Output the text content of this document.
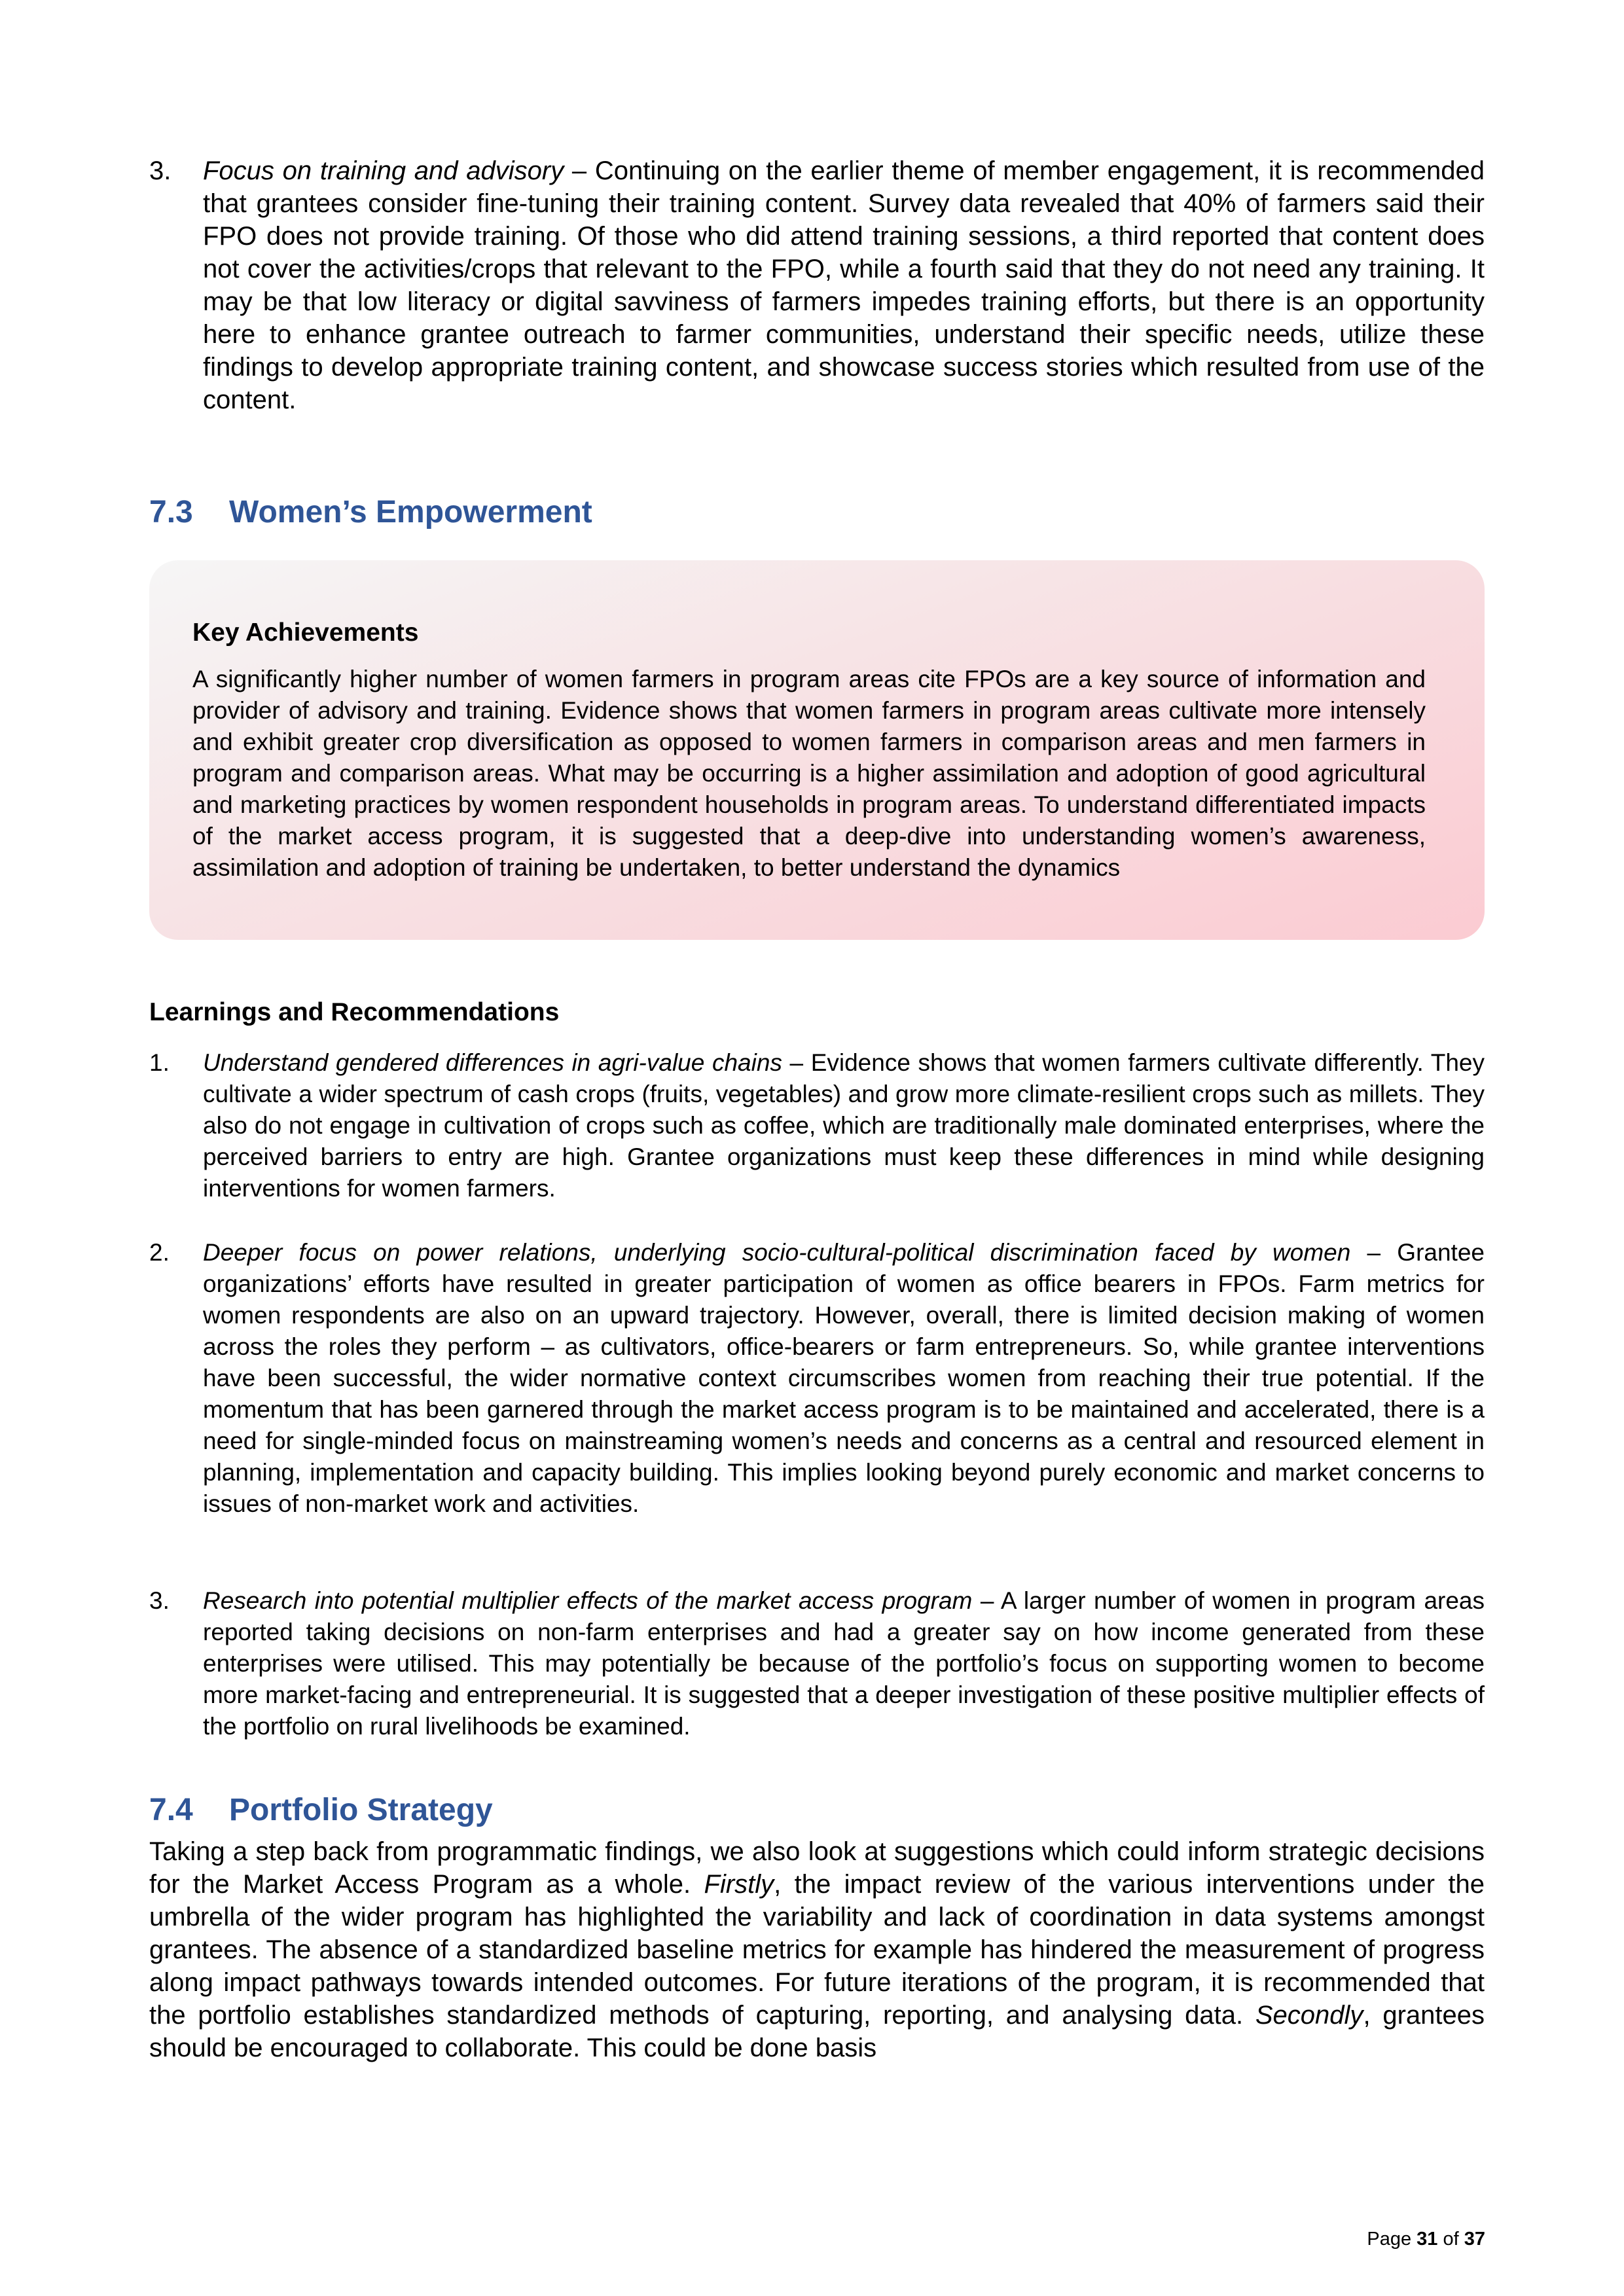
3. Focus on training and advisory – Continuing on the earlier theme of member engagement, it is recommended that grantees consider fine-tuning their training content. Survey data revealed that 40% of farmers said their FPO does not provide training. Of those who did attend training sessions, a third reported that content does not cover the activities/crops that relevant to the FPO, while a fourth said that they do not need any training. It may be that low literacy or digital savviness of farmers impedes training efforts, but there is an opportunity here to enhance grantee outreach to farmer communities, understand their specific needs, utilize these findings to develop appropriate training content, and showcase success stories which resulted from use of the content.
7.3 Women’s Empowerment
Key Achievements

A significantly higher number of women farmers in program areas cite FPOs are a key source of information and provider of advisory and training. Evidence shows that women farmers in program areas cultivate more intensely and exhibit greater crop diversification as opposed to women farmers in comparison areas and men farmers in program and comparison areas. What may be occurring is a higher assimilation and adoption of good agricultural and marketing practices by women respondent households in program areas. To understand differentiated impacts of the market access program, it is suggested that a deep-dive into understanding women’s awareness, assimilation and adoption of training be undertaken, to better understand the dynamics

Learnings and Recommendations
1. Understand gendered differences in agri-value chains – Evidence shows that women farmers cultivate differently. They cultivate a wider spectrum of cash crops (fruits, vegetables) and grow more climate-resilient crops such as millets. They also do not engage in cultivation of crops such as coffee, which are traditionally male dominated enterprises, where the perceived barriers to entry are high. Grantee organizations must keep these differences in mind while designing interventions for women farmers.
2. Deeper focus on power relations, underlying socio-cultural-political discrimination faced by women – Grantee organizations’ efforts have resulted in greater participation of women as office bearers in FPOs. Farm metrics for women respondents are also on an upward trajectory. However, overall, there is limited decision making of women across the roles they perform – as cultivators, office-bearers or farm entrepreneurs. So, while grantee interventions have been successful, the wider normative context circumscribes women from reaching their true potential. If the momentum that has been garnered through the market access program is to be maintained and accelerated, there is a need for single-minded focus on mainstreaming women’s needs and concerns as a central and resourced element in planning, implementation and capacity building. This implies looking beyond purely economic and market concerns to issues of non-market work and activities.
3. Research into potential multiplier effects of the market access program – A larger number of women in program areas reported taking decisions on non-farm enterprises and had a greater say on how income generated from these enterprises were utilised. This may potentially be because of the portfolio’s focus on supporting women to become more market-facing and entrepreneurial. It is suggested that a deeper investigation of these positive multiplier effects of the portfolio on rural livelihoods be examined.
7.4 Portfolio Strategy

Taking a step back from programmatic findings, we also look at suggestions which could inform strategic decisions for the Market Access Program as a whole. Firstly, the impact review of the various interventions under the umbrella of the wider program has highlighted the variability and lack of coordination in data systems amongst grantees. The absence of a standardized baseline metrics for example has hindered the measurement of progress along impact pathways towards intended outcomes. For future iterations of the program, it is recommended that the portfolio establishes standardized methods of capturing, reporting, and analysing data. Secondly, grantees should be encouraged to collaborate. This could be done basis

Page 31 of 37
